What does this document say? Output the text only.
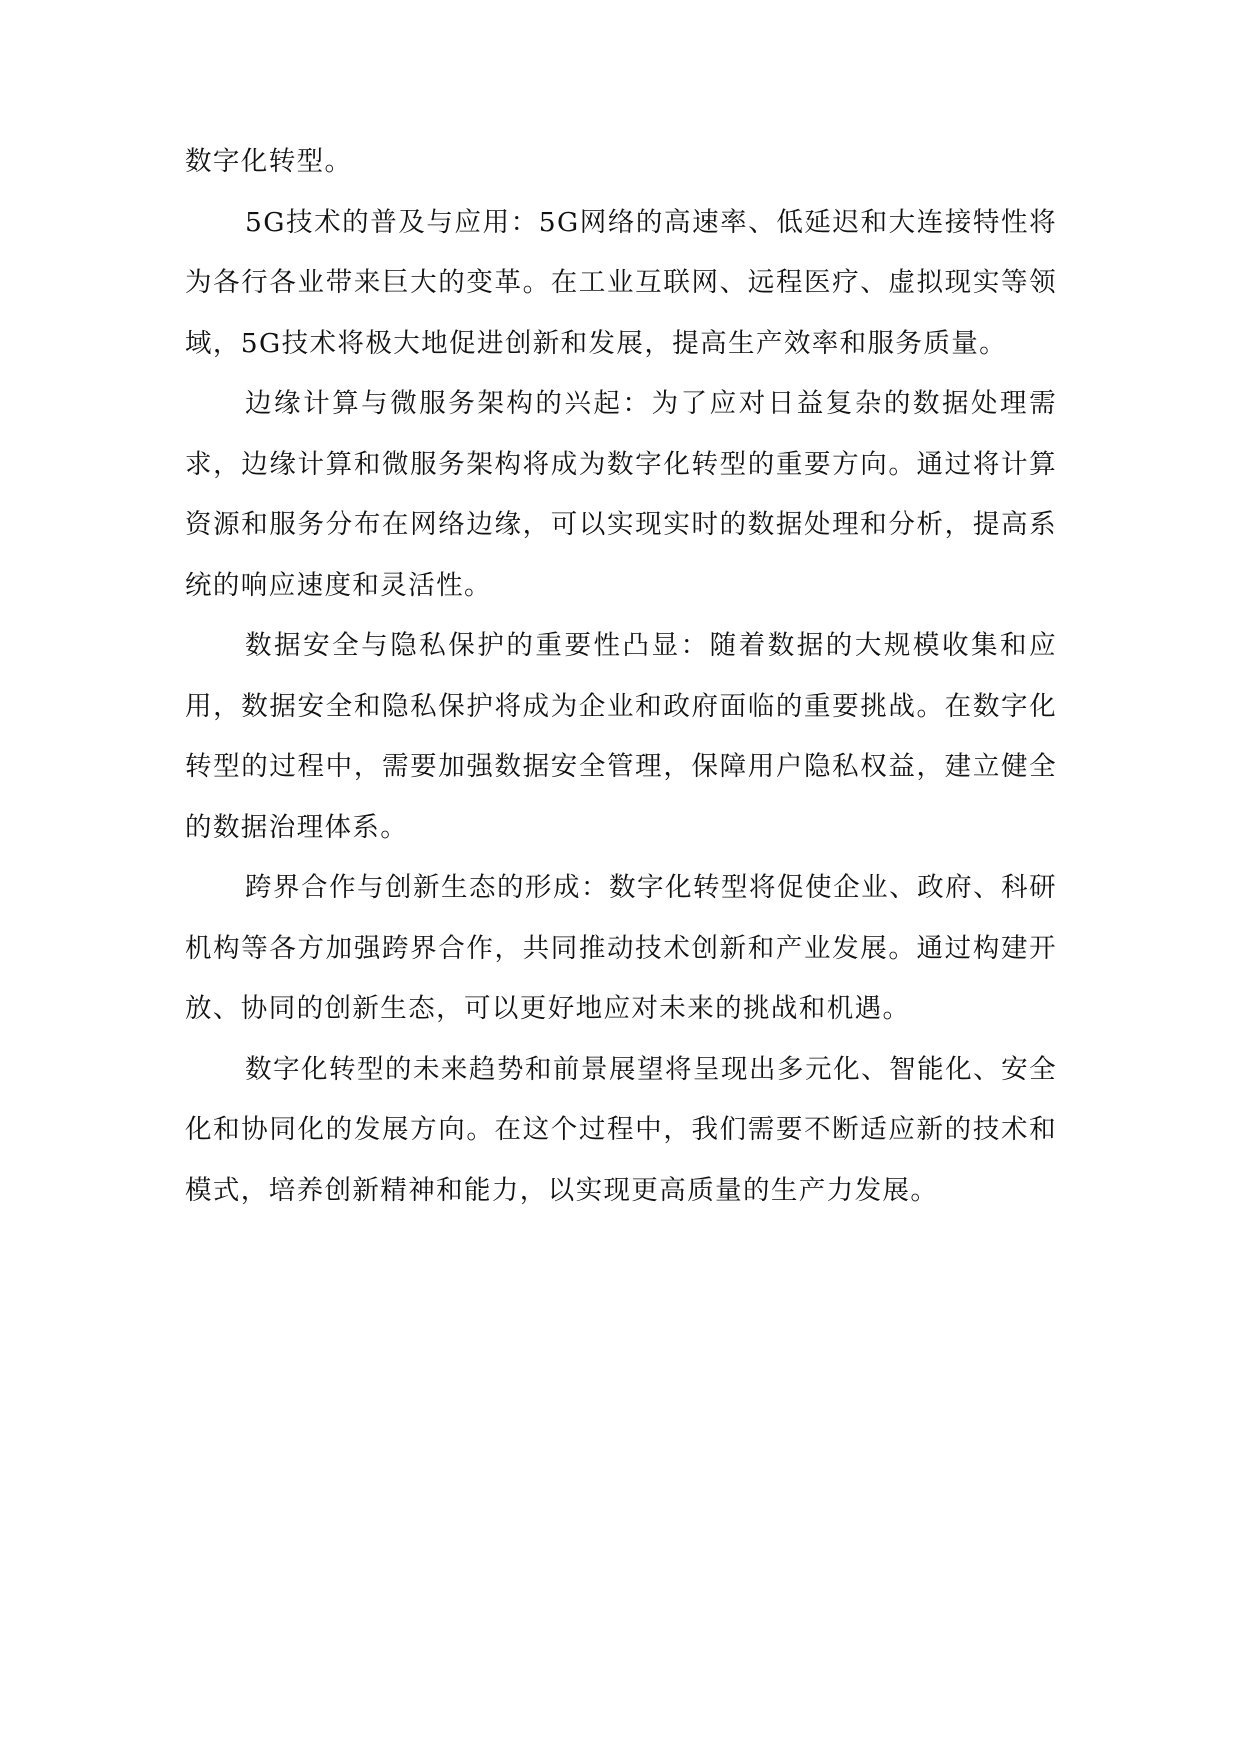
数字化转型。

5G技术的普及与应用：5G网络的高速率、低延迟和大连接特性将为各行各业带来巨大的变革。在工业互联网、远程医疗、虚拟现实等领域，5G技术将极大地促进创新和发展，提高生产效率和服务质量。

边缘计算与微服务架构的兴起：为了应对日益复杂的数据处理需求，边缘计算和微服务架构将成为数字化转型的重要方向。通过将计算资源和服务分布在网络边缘，可以实现实时的数据处理和分析，提高系统的响应速度和灵活性。

数据安全与隐私保护的重要性凸显：随着数据的大规模收集和应用，数据安全和隐私保护将成为企业和政府面临的重要挑战。在数字化转型的过程中，需要加强数据安全管理，保障用户隐私权益，建立健全的数据治理体系。

跨界合作与创新生态的形成：数字化转型将促使企业、政府、科研机构等各方加强跨界合作，共同推动技术创新和产业发展。通过构建开放、协同的创新生态，可以更好地应对未来的挑战和机遇。

数字化转型的未来趋势和前景展望将呈现出多元化、智能化、安全化和协同化的发展方向。在这个过程中，我们需要不断适应新的技术和模式，培养创新精神和能力，以实现更高质量的生产力发展。
